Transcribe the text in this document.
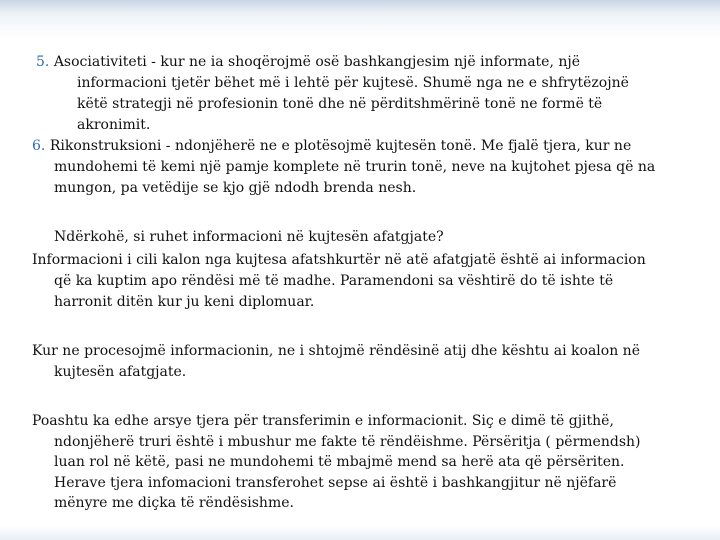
5. Asociativiteti - kur ne ia shoqërojmë osë bashkangjesim një informate, një
informacioni tjetër bëhet më i lehtë për kujtesë. Shumë nga ne e shfrytëzojnë
këtë strategji në profesionin tonë dhe në përditshmërinë tonë ne formë të
akronimit.
6. Rikonstruksioni - ndonjëherë ne e plotësojmë kujtesën tonë. Me fjalë tjera, kur ne
mundohemi të kemi një pamje komplete në trurin tonë, neve na kujtohet pjesa që na
mungon, pa vetëdije se kjo gjë ndodh brenda nesh.
Ndërkohë, si ruhet informacioni në kujtesën afatgjate?
Informacioni i cili kalon nga kujtesa afatshkurtër në atë afatgjatë është ai informacion
që ka kuptim apo rëndësi më të madhe. Paramendoni sa vështirë do të ishte të
harronit ditën kur ju keni diplomuar.
Kur ne procesojmë informacionin, ne i shtojmë rëndësinë atij dhe kështu ai koalon në
kujtesën afatgjate.
Poashtu ka edhe arsye tjera për transferimin e informacionit. Siç e dimë të gjithë,
ndonjëherë truri është i mbushur me fakte të rëndëishme. Përsëritja ( përmendsh)
luan rol në këtë, pasi ne mundohemi të mbajmë mend sa herë ata që përsëriten.
Herave tjera infomacioni transferohet sepse ai është i bashkangjitur në njëfarë
mënyre me diçka të rëndësishme.
